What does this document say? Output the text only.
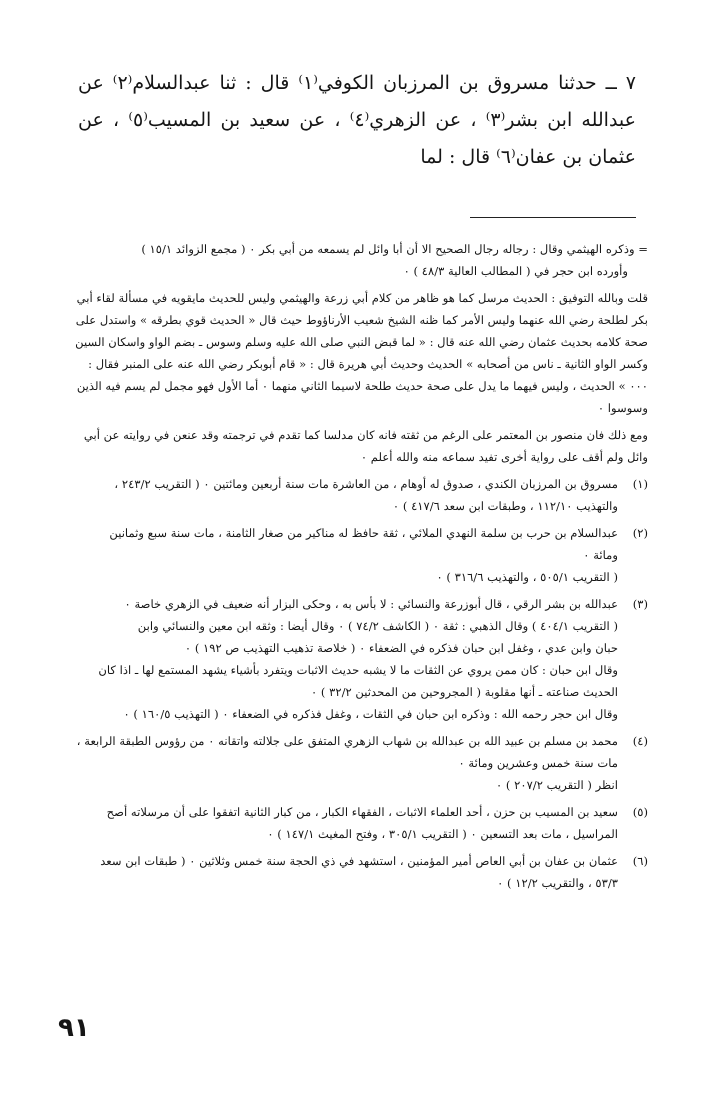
٧ ــ حدثنا مسروق بن المرزبان الكوفي⁽١⁾ قال : ثنا عبدالسلام⁽٢⁾ عن عبدالله ابن بشر⁽٣⁾ ، عن الزهري⁽٤⁾ ، عن سعيد بن المسيب⁽٥⁾ ، عن عثمان بن عفان⁽٦⁾ قال : لما

= وذكره الهيثمي وقال : رجاله رجال الصحيح الا أن أبا وائل لم يسمعه من أبي بكر ۰ ( مجمع الزوائد ١٥/١ )
وأورده ابن حجر في ( المطالب العالية ٤٨/٣ ) ۰

قلت وبالله التوفيق : الحديث مرسل كما هو ظاهر من كلام أبي زرعة والهيثمي وليس للحديث مايقويه في مسألة لقاء أبي بكر لطلحة رضي الله عنهما وليس الأمر كما ظنه الشيخ شعيب الأرناؤوط حيث قال « الحديث قوي بطرقه » واستدل على صحة كلامه بحديث عثمان رضي الله عنه قال : « لما قبض النبي صلى الله عليه وسلم وسوس ـ بضم الواو واسكان السين وكسر الواو الثانية ـ ناس من أصحابه » الحديث وحديث أبي هريرة قال : « قام أبوبكر رضي الله عنه على المنبر فقال : ۰۰۰ » الحديث ، وليس فيهما ما يدل على صحة حديث طلحة لاسيما الثاني منهما ۰ أما الأول فهو مجمل لم يسم فيه الذين وسوسوا ۰

ومع ذلك فان منصور بن المعتمر على الرغم من ثقته فانه كان مدلسا كما تقدم في ترجمته وقد عنعن في روايته عن أبي وائل ولم أقف على رواية أخرى تفيد سماعه منه والله أعلم ۰

(١)
مسروق بن المرزبان الكندي ، صدوق له أوهام ، من العاشرة مات سنة أربعين ومائتين ۰ ( التقريب ٢٤٣/٢ ،
والتهذيب ١١٢/١٠ ، وطبقات ابن سعد ٤١٧/٦ ) ۰
(٢)
عبدالسلام بن حرب بن سلمة النهدي الملائي ، ثقة حافظ له مناكير من صغار الثامنة ، مات سنة سبع وثمانين
ومائة ۰
( التقريب ٥٠٥/١ ، والتهذيب ٣١٦/٦ ) ۰
(٣)
عبدالله بن بشر الرقي ، قال أبوزرعة والنسائي : لا بأس به ، وحكى البزار أنه ضعيف في الزهري خاصة ۰
( التقريب ٤٠٤/١ ) وقال الذهبي : ثقة ۰ ( الكاشف ٧٤/٢ ) ۰ وقال أيضا : وثقه ابن معين والنسائي وابن
حبان وابن عدي ، وغفل ابن حبان فذكره في الضعفاء ۰ ( خلاصة تذهيب التهذيب ص ١٩٢ ) ۰
وقال ابن حبان : كان ممن يروي عن الثقات ما لا يشبه حديث الاثبات ويتفرد بأشياء يشهد المستمع لها ـ اذا كان
الحديث صناعته ـ أنها مقلوبة ( المجروحين من المحدثين ٣٢/٢ ) ۰
وقال ابن حجر رحمه الله : وذكره ابن حبان في الثقات ، وغفل فذكره في الضعفاء ۰ ( التهذيب ١٦٠/٥ ) ۰
(٤)
محمد بن مسلم بن عبيد الله بن عبدالله بن شهاب الزهري المتفق على جلالته واتقانه ۰ من رؤوس الطبقة الرابعة ،
مات سنة خمس وعشرين ومائة ۰
انظر ( التقريب ٢٠٧/٢ ) ۰
(٥)
سعيد بن المسيب بن حزن ، أحد العلماء الاثبات ، الفقهاء الكبار ، من كبار الثانية اتفقوا على أن مرسلاته أصح
المراسيل ، مات بعد التسعين ۰ ( التقريب ٣٠٥/١ ، وفتح المغيث ١٤٧/١ ) ۰
(٦)
عثمان بن عفان بن أبي العاص أمير المؤمنين ، استشهد في ذي الحجة سنة خمس وثلاثين ۰ ( طبقات ابن سعد
٥٣/٣ ، والتقريب ١٢/٢ ) ۰
٩١
